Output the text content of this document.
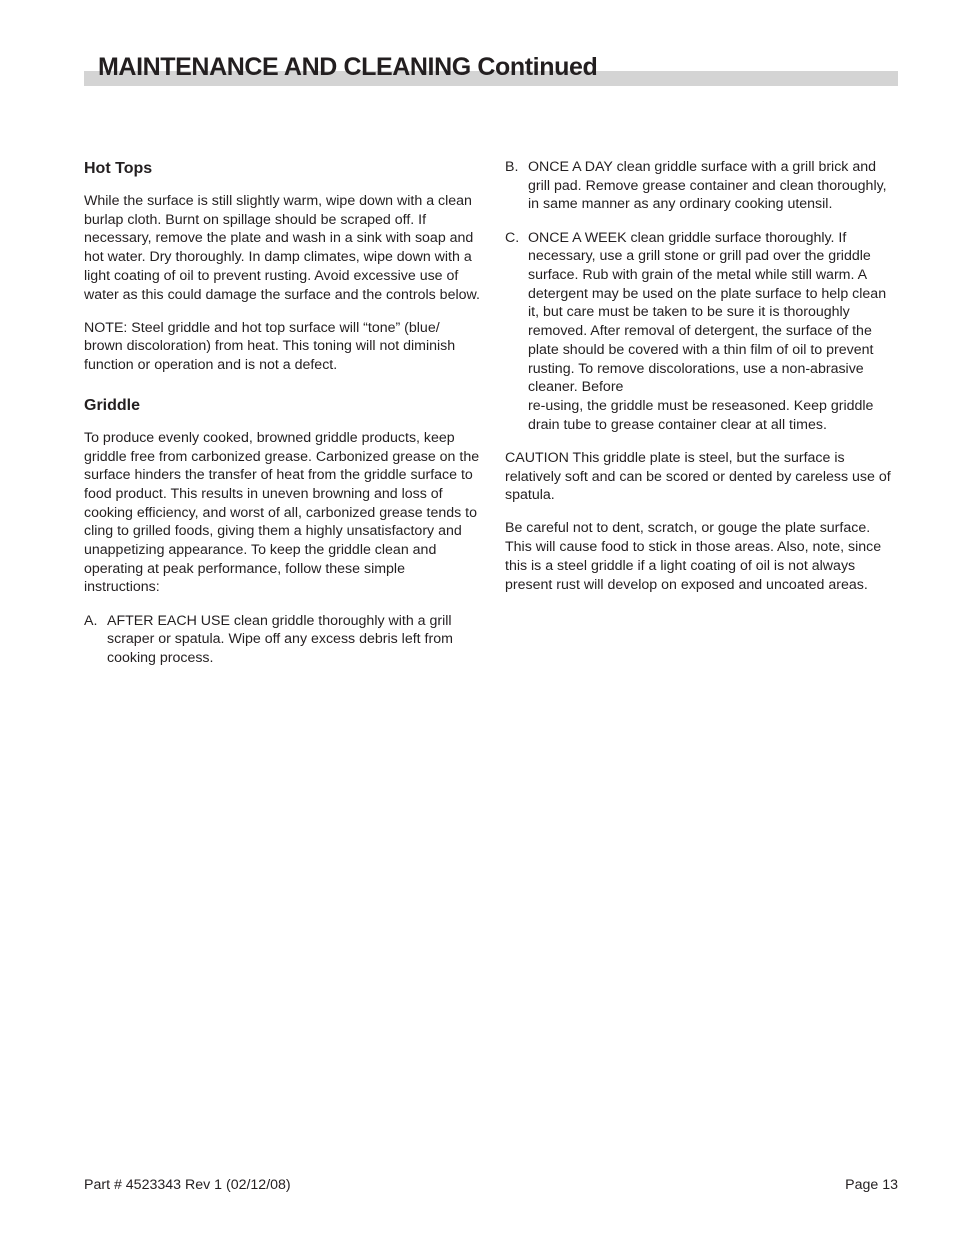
MAINTENANCE AND CLEANING Continued
Hot Tops

While the surface is still slightly warm, wipe down with a clean burlap cloth. Burnt on spillage should be scraped off. If necessary, remove the plate and wash in a sink with soap and hot water. Dry thoroughly. In damp climates, wipe down with a light coating of oil to prevent rusting. Avoid excessive use of water as this could damage the surface and the controls below.

NOTE: Steel griddle and hot top surface will “tone” (blue/ brown discoloration) from heat. This toning will not diminish function or operation and is not a defect.

Griddle

To produce evenly cooked, browned griddle products, keep griddle free from carbonized grease. Carbonized grease on the surface hinders the transfer of heat from the griddle surface to food product. This results in uneven browning and loss of cooking efficiency, and worst of all, carbonized grease tends to cling to grilled foods, giving them a highly unsatisfactory and unappetizing appearance. To keep the griddle clean and operating at peak performance, follow these simple instructions:

A. AFTER EACH USE clean griddle thoroughly with a grill scraper or spatula. Wipe off any excess debris left from cooking process.
B. ONCE A DAY clean griddle surface with a grill brick and grill pad. Remove grease container and clean thoroughly, in same manner as any ordinary cooking utensil.
C. ONCE A WEEK clean griddle surface thoroughly. If necessary, use a grill stone or grill pad over the griddle surface. Rub with grain of the metal while still warm. A detergent may be used on the plate surface to help clean it, but care must be taken to be sure it is thoroughly removed. After removal of detergent, the surface of the plate should be covered with a thin film of oil to prevent rusting. To remove discolorations, use a non-abrasive cleaner. Before
re-using, the griddle must be reseasoned. Keep griddle drain tube to grease container clear at all times.

CAUTION This griddle plate is steel, but the surface is relatively soft and can be scored or dented by careless use of spatula.

Be careful not to dent, scratch, or gouge the plate surface. This will cause food to stick in those areas. Also, note, since this is a steel griddle if a light coating of oil is not always present rust will develop on exposed and uncoated areas.

Part # 4523343 Rev 1 (02/12/08)	Page 13
